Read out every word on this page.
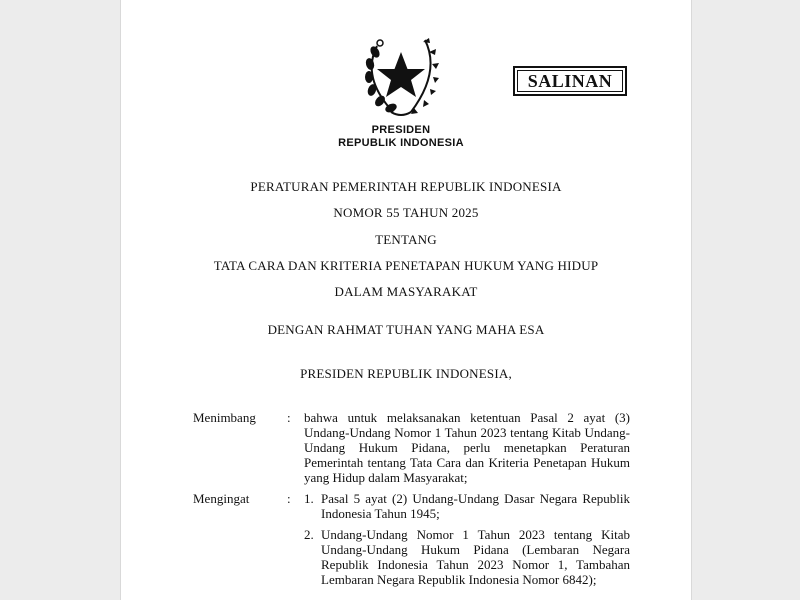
SALINAN
PRESIDEN
REPUBLIK INDONESIA
PERATURAN PEMERINTAH REPUBLIK INDONESIA
NOMOR 55 TAHUN 2025
TENTANG
TATA CARA DAN KRITERIA PENETAPAN HUKUM YANG HIDUP
DALAM MASYARAKAT
DENGAN RAHMAT TUHAN YANG MAHA ESA
PRESIDEN REPUBLIK INDONESIA,
Menimbang : bahwa untuk melaksanakan ketentuan Pasal 2 ayat (3) Undang-Undang Nomor 1 Tahun 2023 tentang Kitab Undang-Undang Hukum Pidana, perlu menetapkan Peraturan Pemerintah tentang Tata Cara dan Kriteria Penetapan Hukum yang Hidup dalam Masyarakat;
Mengingat	: 1. Pasal 5 ayat (2) Undang-Undang Dasar Negara Republik Indonesia Tahun 1945;
2. Undang-Undang Nomor 1 Tahun 2023 tentang Kitab Undang-Undang Hukum Pidana (Lembaran Negara Republik Indonesia Tahun 2023 Nomor 1, Tambahan Lembaran Negara Republik Indonesia Nomor 6842);
